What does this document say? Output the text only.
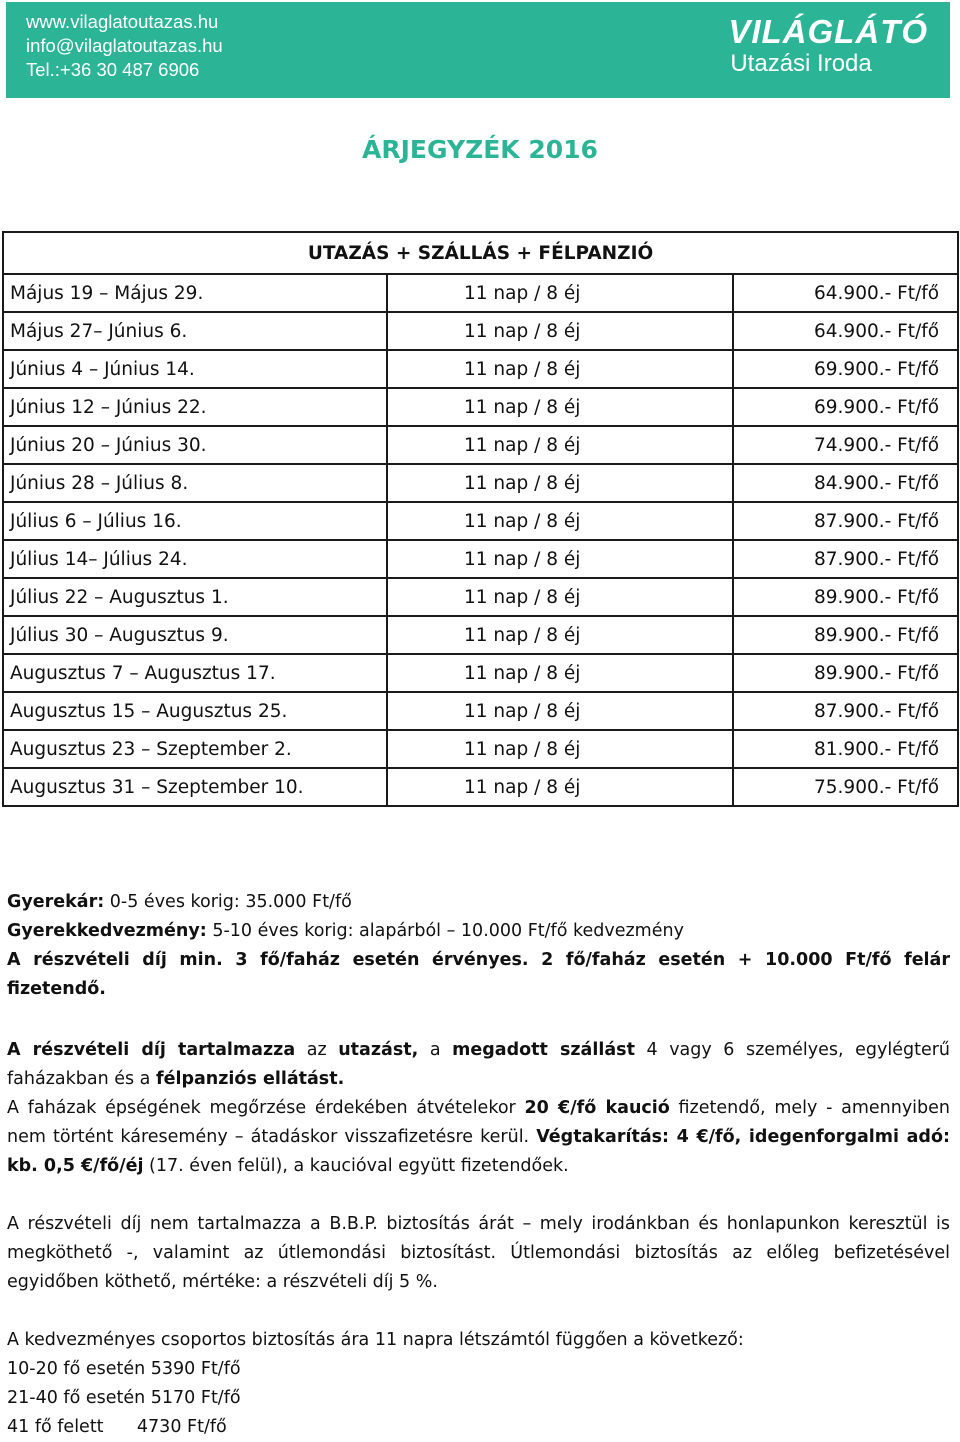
www.vilaglatoutazas.hu
info@vilaglatoutazas.hu
Tel.:+36 30 487 6906
VILÁGLÁTÓ
Utazási Iroda
ÁRJEGYZÉK 2016
UTAZÁS + SZÁLLÁS + FÉLPANZIÓ		
Május 19 – Május 29.	11 nap / 8 éj	64.900.- Ft/fő
Május 27– Június 6.	11 nap / 8 éj	64.900.- Ft/fő
Június 4 – Június 14.	11 nap / 8 éj	69.900.- Ft/fő
Június 12 – Június 22.	11 nap / 8 éj	69.900.- Ft/fő
Június 20 – Június 30.	11 nap / 8 éj	74.900.- Ft/fő
Június 28 – Július 8.	11 nap / 8 éj	84.900.- Ft/fő
Július 6 – Július 16.	11 nap / 8 éj	87.900.- Ft/fő
Július 14– Július 24.	11 nap / 8 éj	87.900.- Ft/fő
Július 22 – Augusztus 1.	11 nap / 8 éj	89.900.- Ft/fő
Július 30 – Augusztus 9.	11 nap / 8 éj	89.900.- Ft/fő
Augusztus 7 – Augusztus 17.	11 nap / 8 éj	89.900.- Ft/fő
Augusztus 15 – Augusztus 25.	11 nap / 8 éj	87.900.- Ft/fő
Augusztus 23 – Szeptember 2.	11 nap / 8 éj	81.900.- Ft/fő
Augusztus 31 – Szeptember 10.	11 nap / 8 éj	75.900.- Ft/fő

Gyerekár: 0-5 éves korig: 35.000 Ft/fő

Gyerekkedvezmény: 5-10 éves korig: alapárból – 10.000 Ft/fő kedvezmény

A részvételi díj min. 3 fő/faház esetén érvényes. 2 fő/faház esetén + 10.000 Ft/fő felár fizetendő.

A részvételi díj tartalmazza az utazást, a megadott szállást 4 vagy 6 személyes, egylégterű faházakban és a félpanziós ellátást.

A faházak épségének megőrzése érdekében átvételekor 20 €/fő kaució fizetendő, mely - amennyiben nem történt káresemény – átadáskor visszafizetésre kerül. Végtakarítás: 4 €/fő, idegenforgalmi adó: kb. 0,5 €/fő/éj (17. éven felül), a kaucióval együtt fizetendőek.

A részvételi díj nem tartalmazza a B.B.P. biztosítás árát – mely irodánkban és honlapunkon keresztül is megköthető -, valamint az útlemondási biztosítást. Útlemondási biztosítás az előleg befizetésével egyidőben köthető, mértéke: a részvételi díj 5 %.

A kedvezményes csoportos biztosítás ára 11 napra létszámtól függően a következő:

10-20 fő esetén 5390 Ft/fő

21-40 fő esetén 5170 Ft/fő

41 fő felett      4730 Ft/fő
